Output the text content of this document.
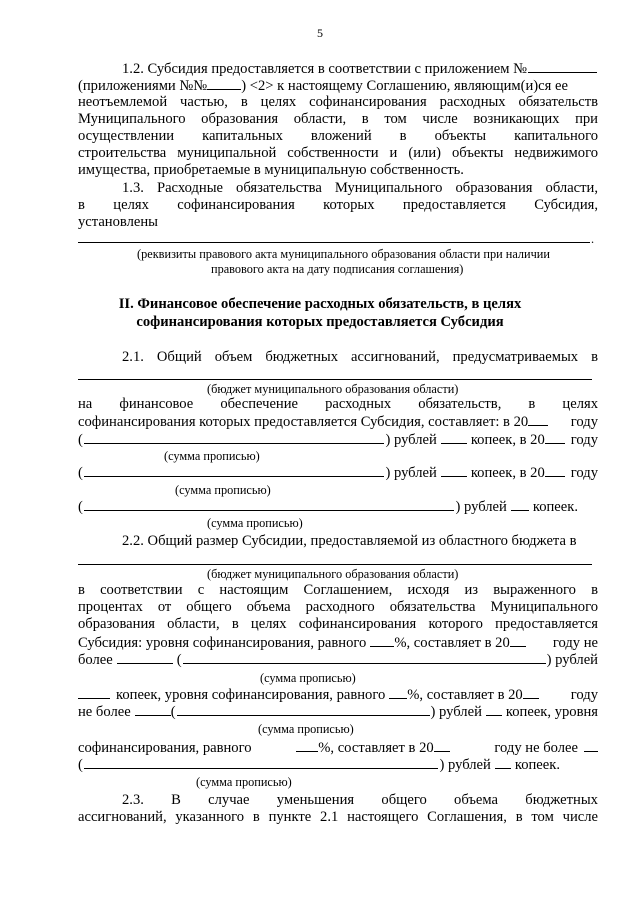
5
1.2. Субсидия предоставляется в соответствии с приложением №
(приложениями №№ ) <2> к настоящему Соглашению, являющим(и)ся ее
неотъемлемой частью, в целях софинансирования расходных обязательств
Муниципального образования области, в том числе возникающих при
осуществлении капитальных вложений в объекты капитального
строительства муниципальной собственности и (или) объекты недвижимого
имущества, приобретаемые в муниципальную собственность.
1.3. Расходные обязательства Муниципального образования области,
в целях софинансирования которых предоставляется Субсидия,
установлены
.
(реквизиты правового акта муниципального образования области при наличии
правового акта на дату подписания соглашения)
II. Финансовое обеспечение расходных обязательств, в целях
софинансирования которых предоставляется Субсидия
2.1. Общий объем бюджетных ассигнований, предусматриваемых в
(бюджет муниципального образования области)
на финансовое обеспечение расходных обязательств, в целях
софинансирования которых предоставляется Субсидия, составляет: в 20	году
(	) рублей копеек, в 20 году
(сумма прописью)
(	) рублей копеек, в 20 году
(сумма прописью)
(	) рублей копеек.
(сумма прописью)
2.2. Общий размер Субсидии, предоставляемой из областного бюджета в
(бюджет муниципального образования области)
в соответствии с настоящим Соглашением, исходя из выраженного в
процентах от общего объема расходного обязательства Муниципального
образования области, в целях софинансирования которого предоставляется
Субсидия: уровня софинансирования, равного %, составляет в 20	году не
более	(	) рублей
(сумма прописью)
копеек, уровня софинансирования, равного %, составляет в 20	году
не более	(	) рублей копеек, уровня
(сумма прописью)
софинансирования, равного	%, составляет в 20	году не более
(	) рублей копеек.
(сумма прописью)
2.3. В случае уменьшения общего объема бюджетных
ассигнований, указанного в пункте 2.1 настоящего Соглашения, в том числе
